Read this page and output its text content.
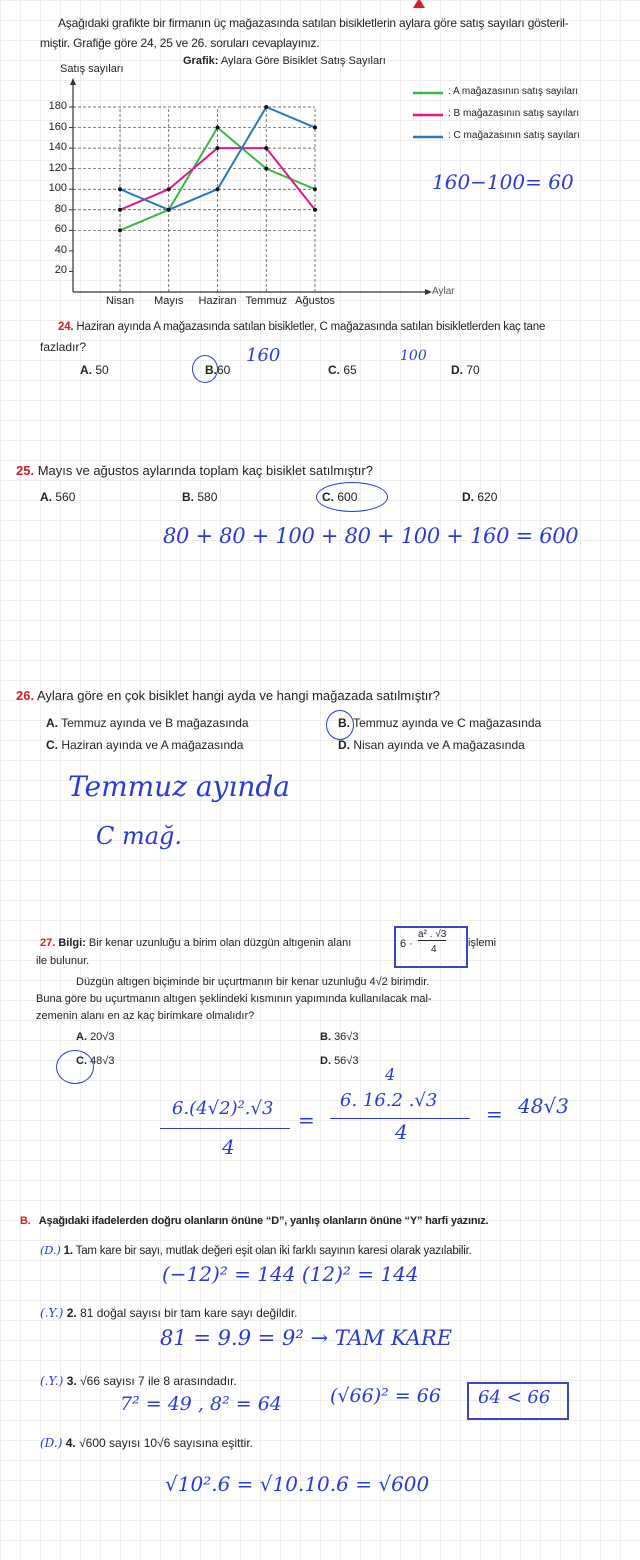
Aşağıdaki grafikte bir firmanın üç mağazasında satılan bisikletlerin aylara göre satış sayıları gösteril-
miştir. Grafiğe göre 24, 25 ve 26. soruları cevaplayınız.
Grafik: Aylara Göre Bisiklet Satış Sayıları
Satış sayıları
Aylar
Nisan	Mayıs	Haziran Temmuz Ağustos
20
40
60
80
100
120
140
160
180
: A mağazasının satış sayıları
: B mağazasının satış sayıları
: C mağazasının satış sayıları
160−100= 60
24. Haziran ayında A mağazasında satılan bisikletler, C mağazasında satılan bisikletlerden kaç tane
fazladır?	160	100
A. 50	B.60	C. 65	D. 70
25. Mayıs ve ağustos aylarında toplam kaç bisiklet satılmıştır?
A. 560	B. 580	C. 600	D. 620
80 + 80 + 100 + 80 + 100 + 160 = 600
26. Aylara göre en çok bisiklet hangi ayda ve hangi mağazada satılmıştır?
A. Temmuz ayında ve B mağazasında	B. Temmuz ayında ve C mağazasında
C. Haziran ayında ve A mağazasında	D. Nisan ayında ve A mağazasında
Temmuz ayında
C mağ.
27. Bilgi: Bir kenar uzunluğu a birim olan düzgün altıgenin alanı	6 ·
a² . √3
4
işlemi
ile bulunur.
Düzgün altıgen biçiminde bir uçurtmanın bir kenar uzunluğu 4√2 birimdir.
Buna göre bu uçurtmanın altıgen şeklindeki kısmının yapımında kullanılacak mal-
zemenin alanı en az kaç birimkare olmalıdır?
A. 20√3	B. 36√3
C. 48√3	D. 56√3
6.(4√2)².√3
4
=
4
6. 16.2 .√3
4
= 48√3
B. Aşağıdaki ifadelerden doğru olanların önüne “D”, yanlış olanların önüne “Y” harfi yazınız.
(D.) 1. Tam kare bir sayı, mutlak değeri eşit olan iki farklı sayının karesi olarak yazılabilir.
(−12)² = 144 (12)² = 144
(.Y.) 2. 81 doğal sayısı bir tam kare sayı değildir.
81 = 9.9 = 9² → TAM KARE
(.Y.) 3. √66 sayısı 7 ile 8 arasındadır.
7² = 49 , 8² = 64	(√66)² = 66 64 < 66
(D.) 4. √600 sayısı 10√6 sayısına eşittir.
√10².6 = √10.10.6 = √600
